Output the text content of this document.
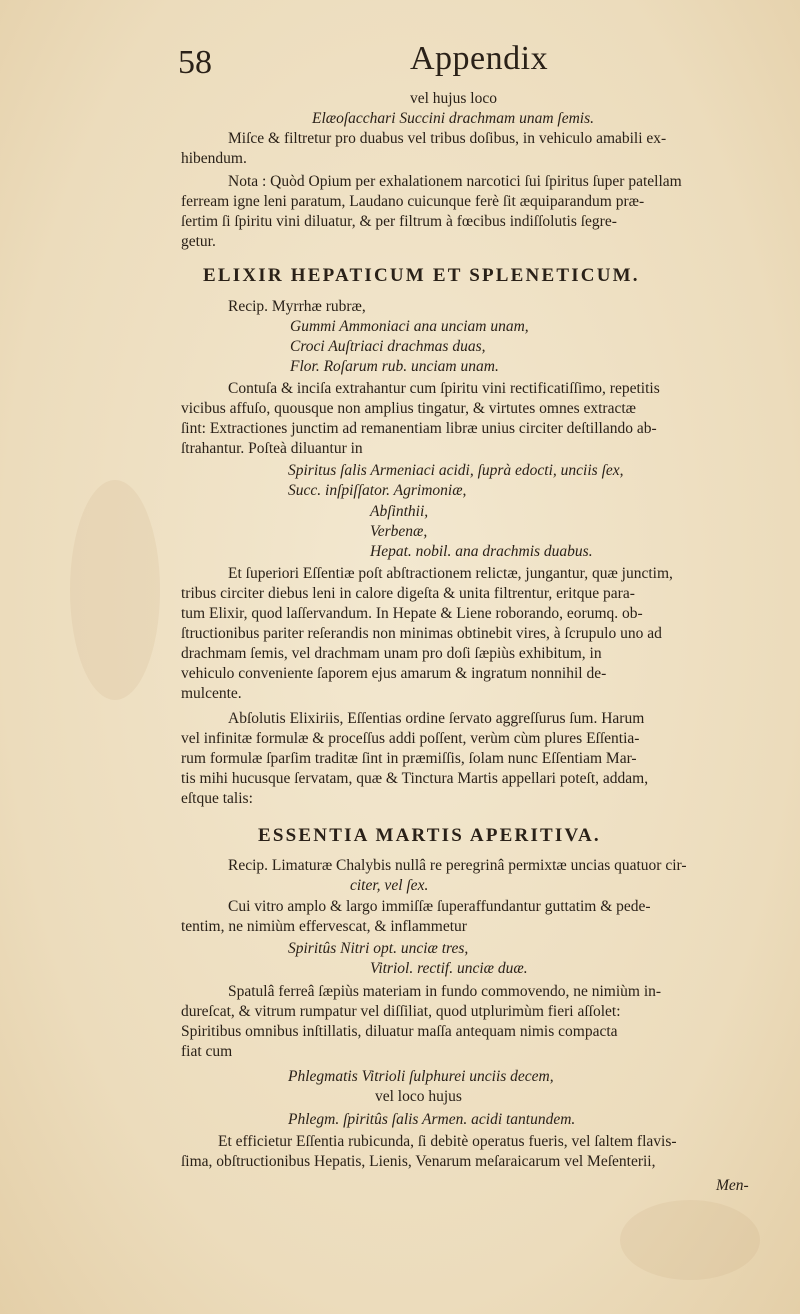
58	Appendix
vel hujus loco
Elæoſacchari Succini drachmam unam ſemis.
Miſce & filtretur pro duabus vel tribus doſibus, in vehiculo amabili ex-
hibendum.
Nota : Quòd Opium per exhalationem narcotici ſui ſpiritus ſuper patellam
ferream igne leni paratum, Laudano cuicunque ferè ſit æquiparandum præ-
ſertim ſi ſpiritu vini diluatur, & per filtrum à fœcibus indiſſolutis ſegre-
getur.
Recip. Myrrhæ rubræ,
Gummi Ammoniaci ana unciam unam,
Croci Auſtriaci drachmas duas,
Flor. Roſarum rub. unciam unam.
Contuſa & inciſa extrahantur cum ſpiritu vini rectificatiſſimo, repetitis
vicibus affuſo, quousque non amplius tingatur, & virtutes omnes extractæ
ſint: Extractiones junctim ad remanentiam libræ unius circiter deſtillando ab-
ſtrahantur. Poſteà diluantur in
Spiritus ſalis Armeniaci acidi, ſuprà edocti, unciis ſex,
Succ. inſpiſſator. Agrimoniæ,
Abſinthii,
Verbenæ,
Hepat. nobil. ana drachmis duabus.
Et ſuperiori Eſſentiæ poſt abſtractionem relictæ, jungantur, quæ junctim,
tribus circiter diebus leni in calore digeſta & unita filtrentur, eritque para-
tum Elixir, quod laſſervandum. In Hepate & Liene roborando, eorumq. ob-
ſtructionibus pariter reſerandis non minimas obtinebit vires, à ſcrupulo uno ad
drachmam ſemis, vel drachmam unam pro doſi ſæpiùs exhibitum, in
vehiculo conveniente ſaporem ejus amarum & ingratum nonnihil de-
mulcente.
Abſolutis Elixiriis, Eſſentias ordine ſervato aggreſſurus ſum. Harum
vel infinitæ formulæ & proceſſus addi poſſent, verùm cùm plures Eſſentia-
rum formulæ ſparſim traditæ ſint in præmiſſis, ſolam nunc Eſſentiam Mar-
tis mihi hucusque ſervatam, quæ & Tinctura Martis appellari poteſt, addam,
eſtque talis:
Recip. Limaturæ Chalybis nullâ re peregrinâ permixtæ uncias quatuor cir-
citer, vel ſex.
Cui vitro amplo & largo immiſſæ ſuperaffundantur guttatim & pede-
tentim, ne nimiùm effervescat, & inflammetur
Spiritûs Nitri opt. unciæ tres,
Vitriol. rectif. unciæ duæ.
Spatulâ ferreâ ſæpiùs materiam in fundo commovendo, ne nimiùm in-
dureſcat, & vitrum rumpatur vel diſſiliat, quod utplurimùm fieri aſſolet:
Spiritibus omnibus inſtillatis, diluatur maſſa antequam nimis compacta
fiat cum
Phlegmatis Vitrioli ſulphurei unciis decem,
vel loco hujus
Phlegm. ſpiritûs ſalis Armen. acidi tantundem.
Et efficietur Eſſentia rubicunda, ſi debitè operatus fueris, vel ſaltem flavis-
ſima, obſtructionibus Hepatis, Lienis, Venarum meſaraicarum vel Meſenterii,
Men-
ELIXIR HEPATICUM ET SPLENETICUM.
ESSENTIA MARTIS APERITIVA.
